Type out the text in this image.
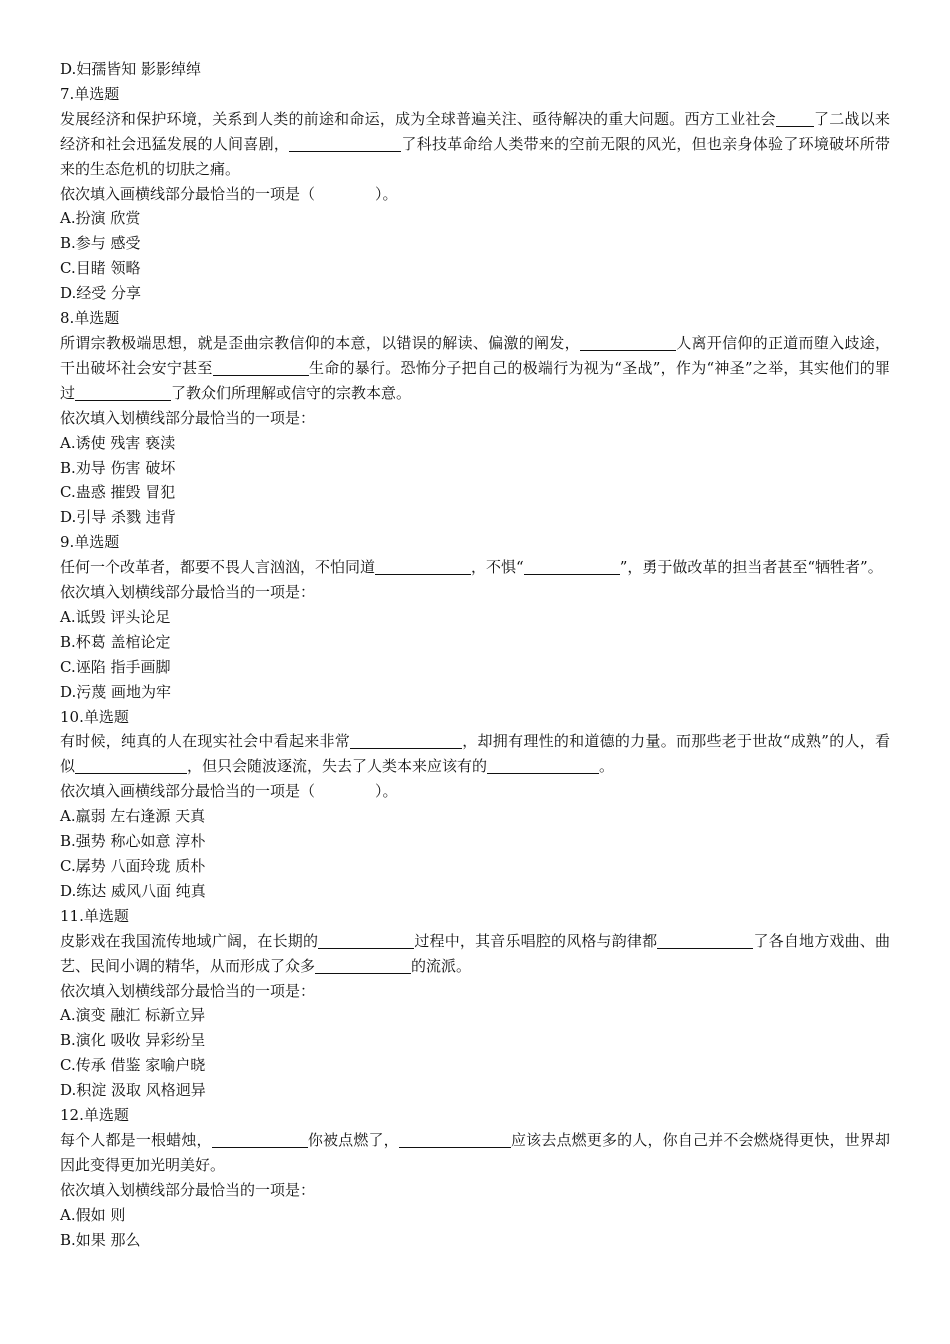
D.妇孺皆知 影影绰绰
7.单选题
发展经济和保护环境，关系到人类的前途和命运，成为全球普遍关注、亟待解决的重大问题。西方工业社会	了二战以来经济和社会迅猛发展的人间喜剧，	了科技革命给人类带来的空前无限的风光，但也亲身体验了环境破坏所带来的生态危机的切肤之痛。
依次填入画横线部分最恰当的一项是（	）。
A.扮演 欣赏
B.参与 感受
C.目睹 领略
D.经受 分享
8.单选题
所谓宗教极端思想，就是歪曲宗教信仰的本意，以错误的解读、偏激的阐发，	人离开信仰的正道而堕入歧途，干出破坏社会安宁甚至	生命的暴行。恐怖分子把自己的极端行为视为“圣战”，作为“神圣”之举，其实他们的罪过	了教众们所理解或信守的宗教本意。
依次填入划横线部分最恰当的一项是：
A.诱使 残害 亵渎
B.劝导 伤害 破坏
C.蛊惑 摧毁 冒犯
D.引导 杀戮 违背
9.单选题
任何一个改革者，都要不畏人言汹汹，不怕同道	，不惧“	”，勇于做改革的担当者甚至“牺牲者”。
依次填入划横线部分最恰当的一项是：
A.诋毁 评头论足
B.杯葛 盖棺论定
C.诬陷 指手画脚
D.污蔑 画地为牢
10.单选题
有时候，纯真的人在现实社会中看起来非常	，却拥有理性的和道德的力量。而那些老于世故“成熟”的人，看似	，但只会随波逐流，失去了人类本来应该有的	。
依次填入画横线部分最恰当的一项是（	）。
A.羸弱 左右逢源 天真
B.强势 称心如意 淳朴
C.孱势 八面玲珑 质朴
D.练达 威风八面 纯真
11.单选题
皮影戏在我国流传地域广阔，在长期的	过程中，其音乐唱腔的风格与韵律都	了各自地方戏曲、曲艺、民间小调的精华，从而形成了众多	的流派。
依次填入划横线部分最恰当的一项是：
A.演变 融汇 标新立异
B.演化 吸收 异彩纷呈
C.传承 借鉴 家喻户晓
D.积淀 汲取 风格迥异
12.单选题
每个人都是一根蜡烛，	你被点燃了，	应该去点燃更多的人，你自己并不会燃烧得更快，世界却因此变得更加光明美好。
依次填入划横线部分最恰当的一项是：
A.假如 则
B.如果 那么
